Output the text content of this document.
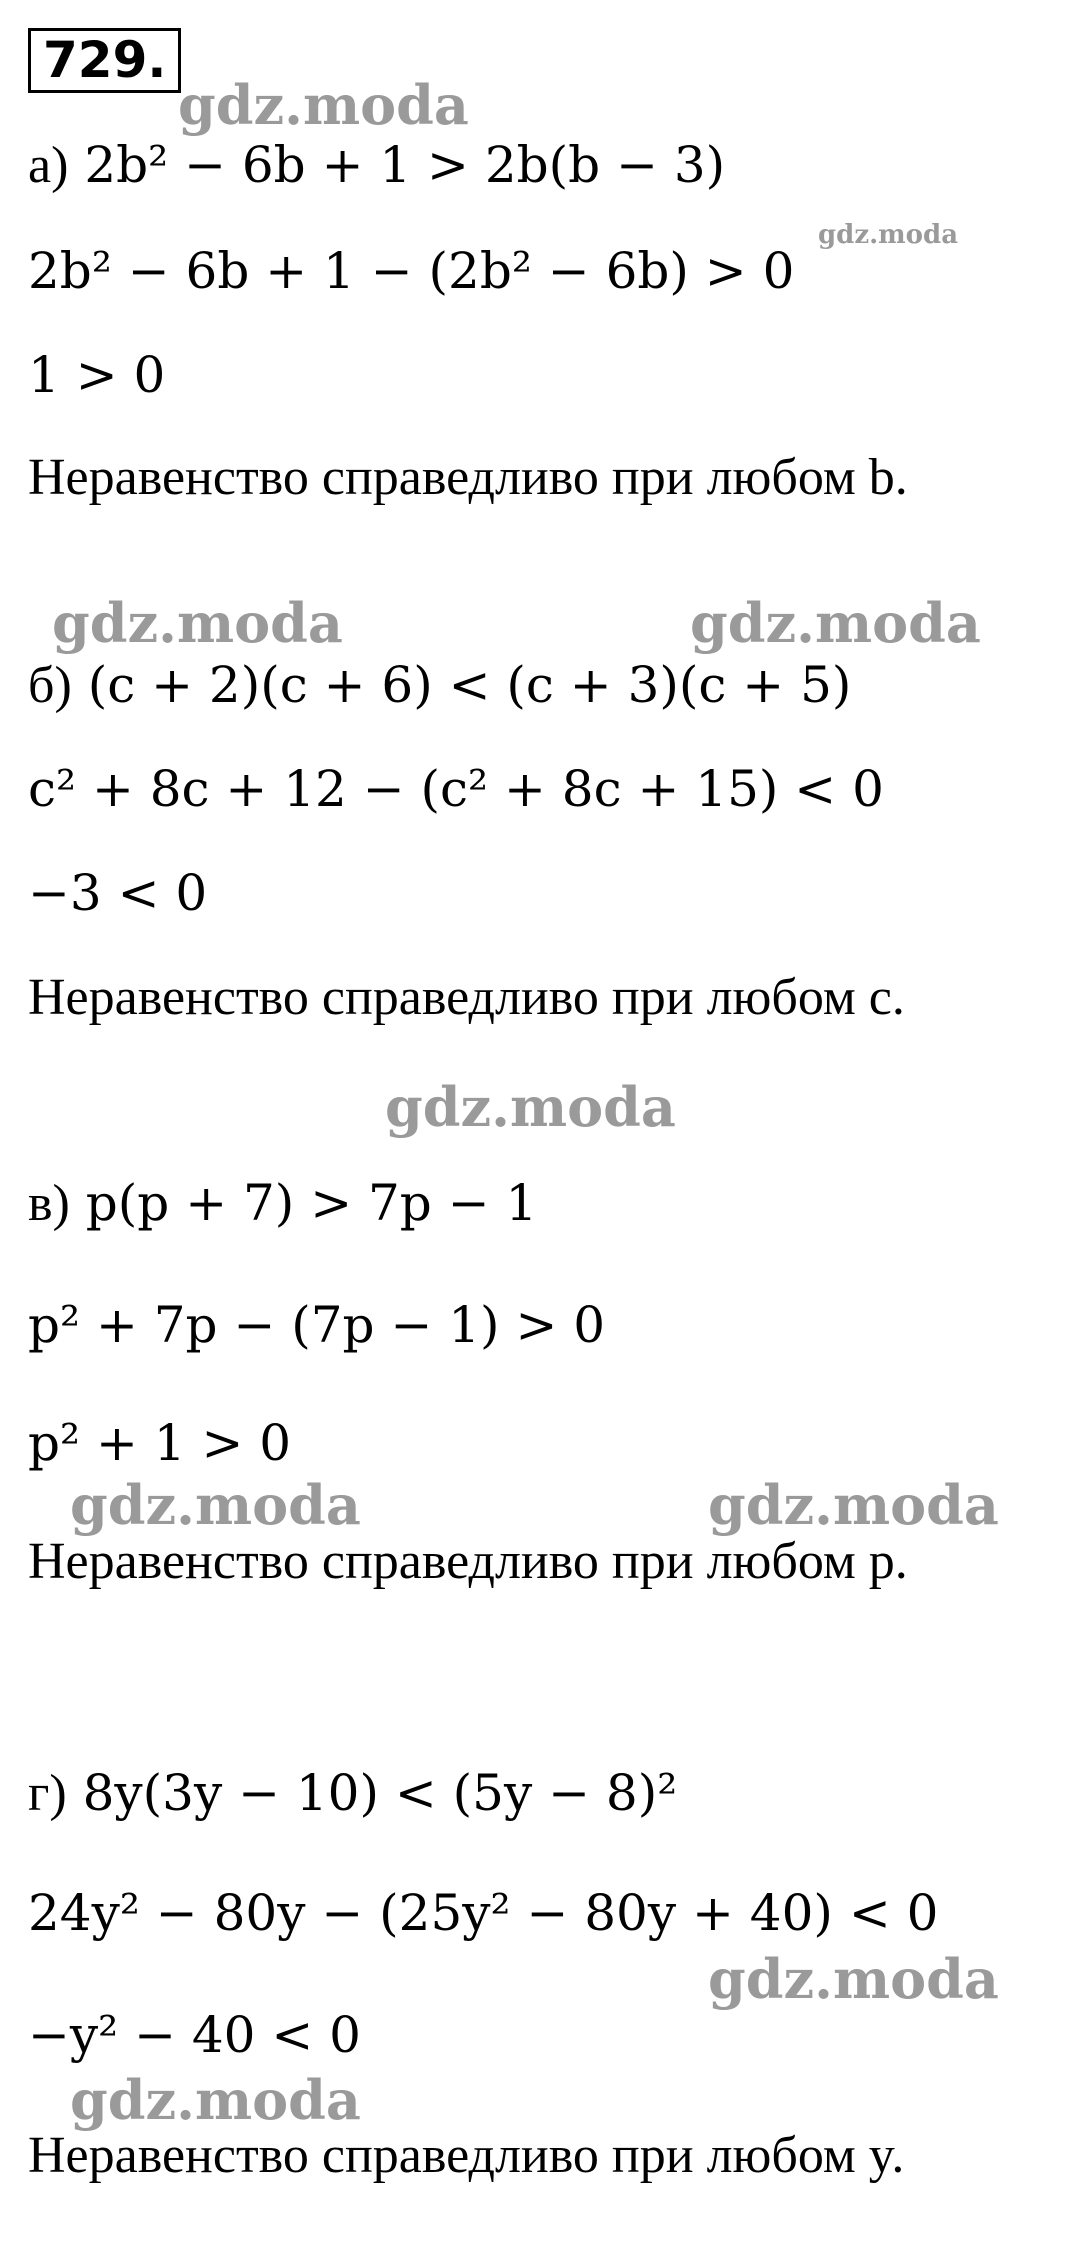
729.
gdz.moda
gdz.moda
gdz.moda	gdz.moda
gdz.moda
gdz.moda	gdz.moda
gdz.moda
gdz.moda
а) 2b² − 6b + 1 > 2b(b − 3)
2b² − 6b + 1 − (2b² − 6b) > 0
1 > 0
Неравенство справедливо при любом b.
б) (c + 2)(c + 6) < (c + 3)(c + 5)
c² + 8c + 12 − (c² + 8c + 15) < 0
−3 < 0
Неравенство справедливо при любом c.
в) p(p + 7) > 7p − 1
p² + 7p − (7p − 1) > 0
p² + 1 > 0
Неравенство справедливо при любом p.
г) 8y(3y − 10) < (5y − 8)²
24y² − 80y − (25y² − 80y + 40) < 0
−y² − 40 < 0
Неравенство справедливо при любом y.
